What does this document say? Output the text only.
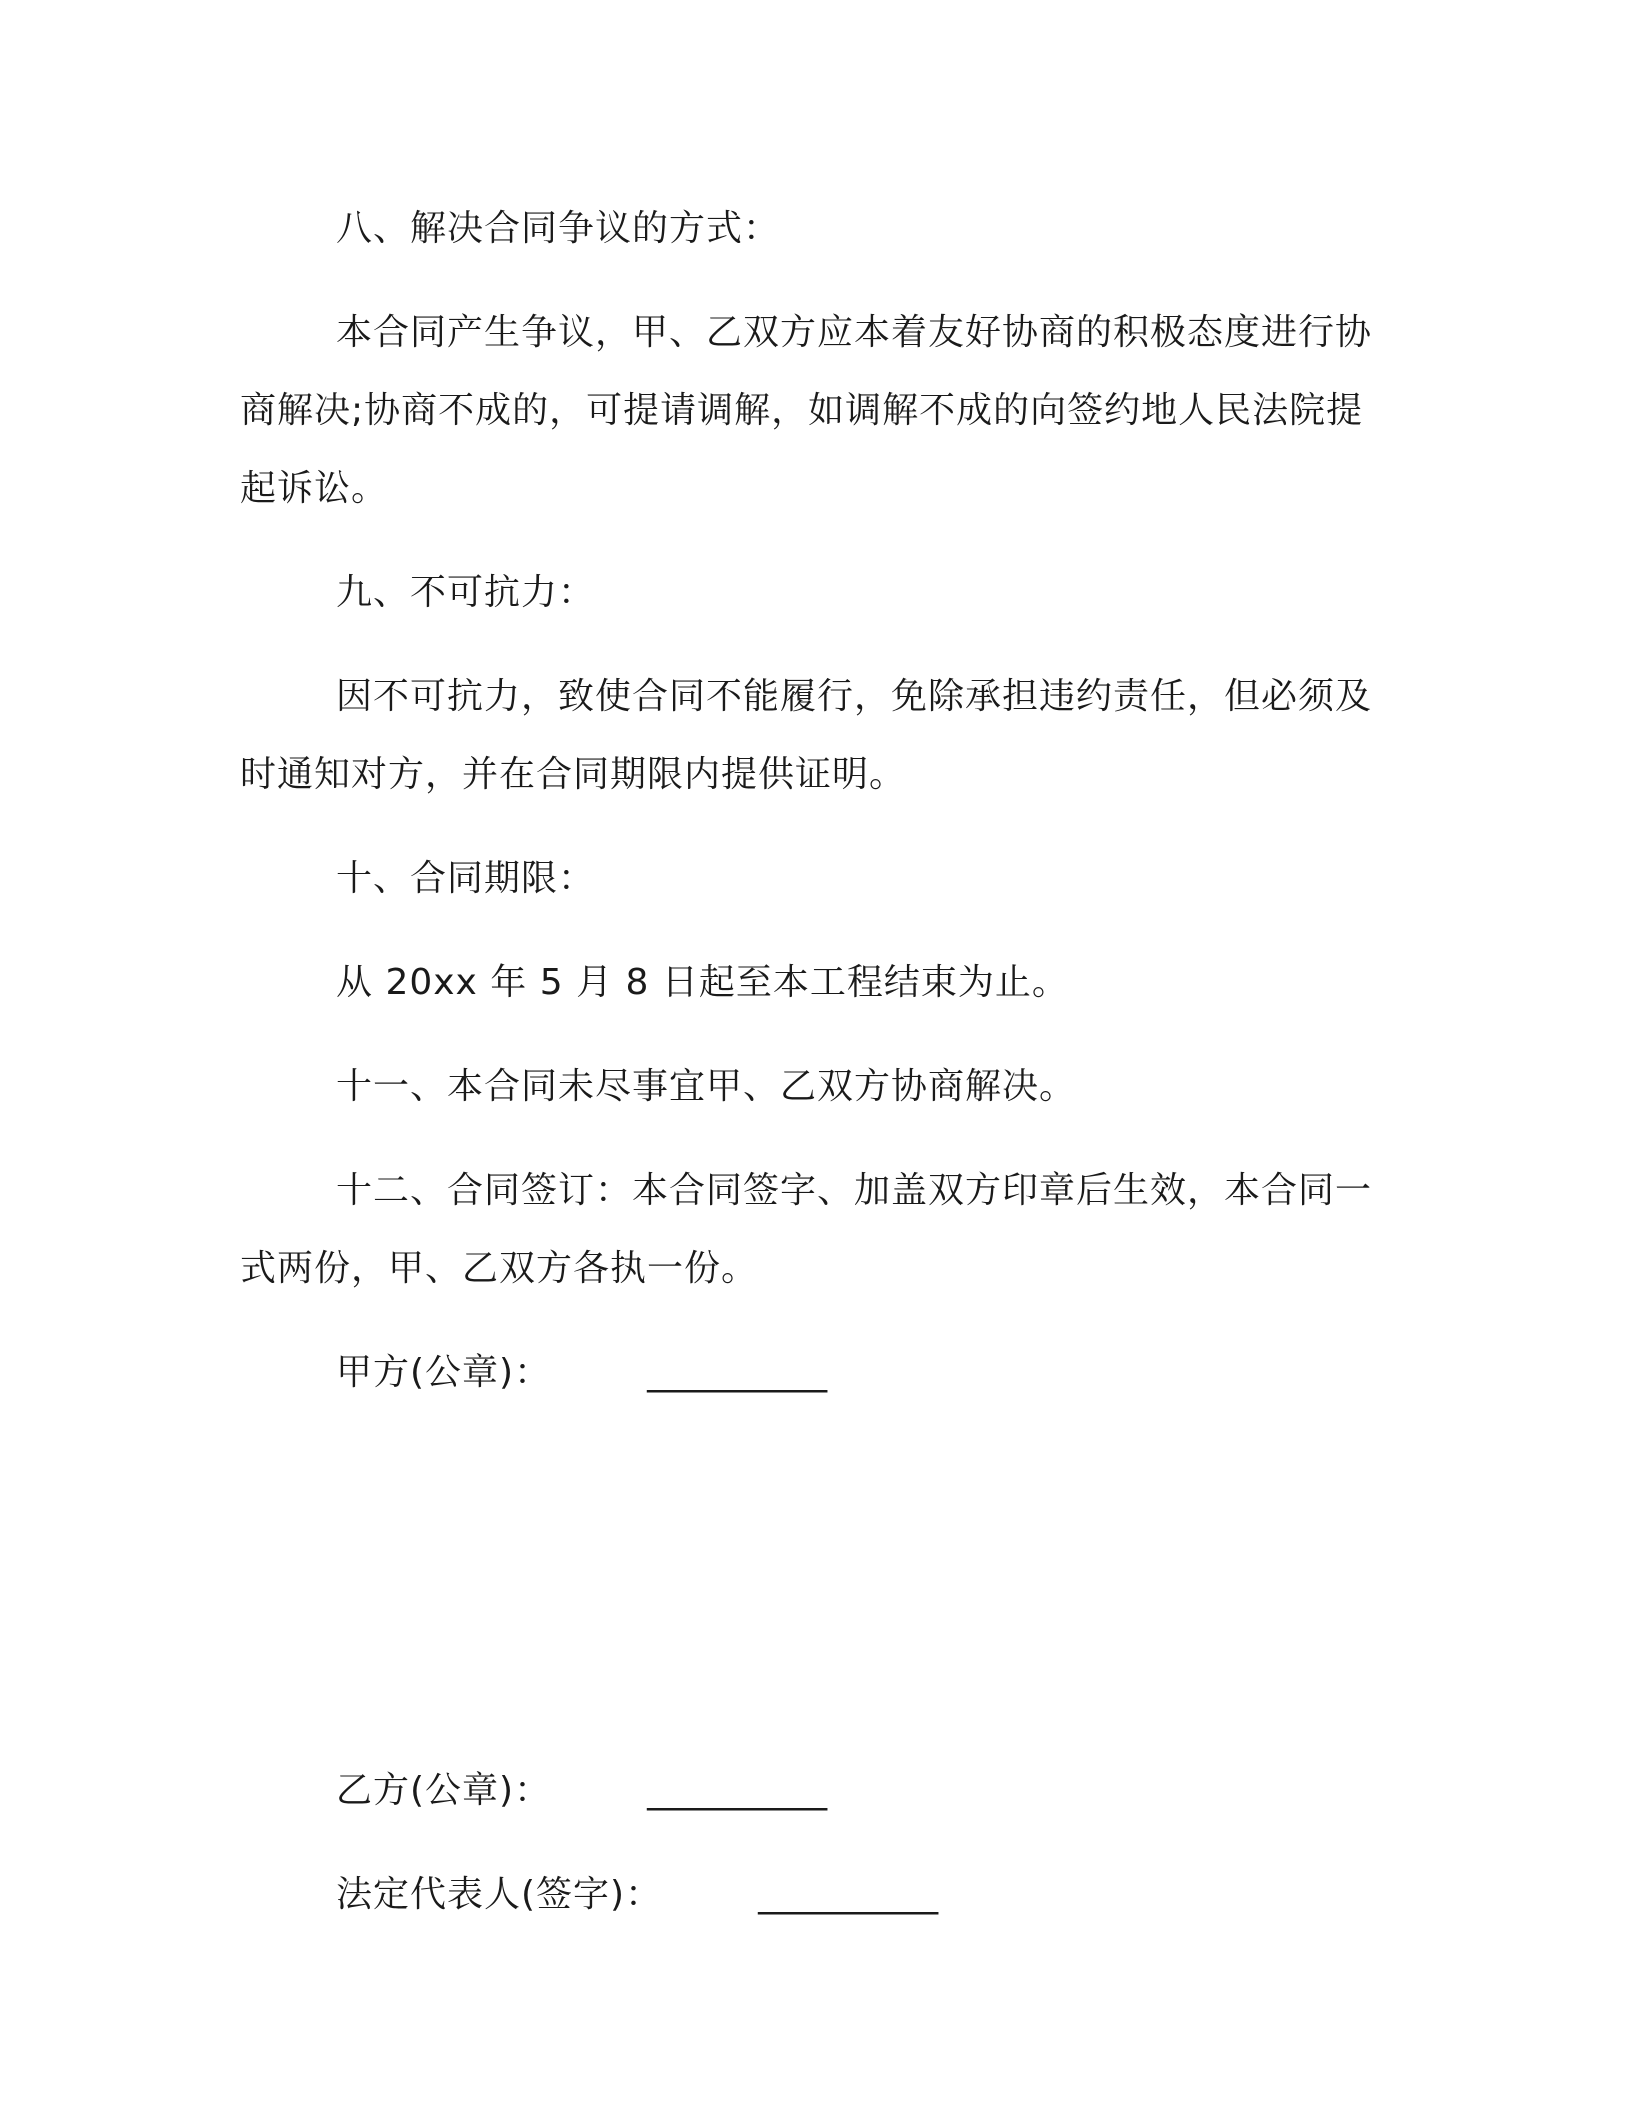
八、解决合同争议的方式：

本合同产生争议，甲、乙双方应本着友好协商的积极态度进行协商解决;协商不成的，可提请调解，如调解不成的向签约地人民法院提起诉讼。

九、不可抗力：

因不可抗力，致使合同不能履行，免除承担违约责任，但必须及时通知对方，并在合同期限内提供证明。

十、合同期限：

从 20xx 年 5 月 8 日起至本工程结束为止。

十一、本合同未尽事宜甲、乙双方协商解决。

十二、合同签订：本合同签字、加盖双方印章后生效，本合同一式两份，甲、乙双方各执一份。

甲方(公章)：	__________

乙方(公章)：	__________

法定代表人(签字)：	__________
